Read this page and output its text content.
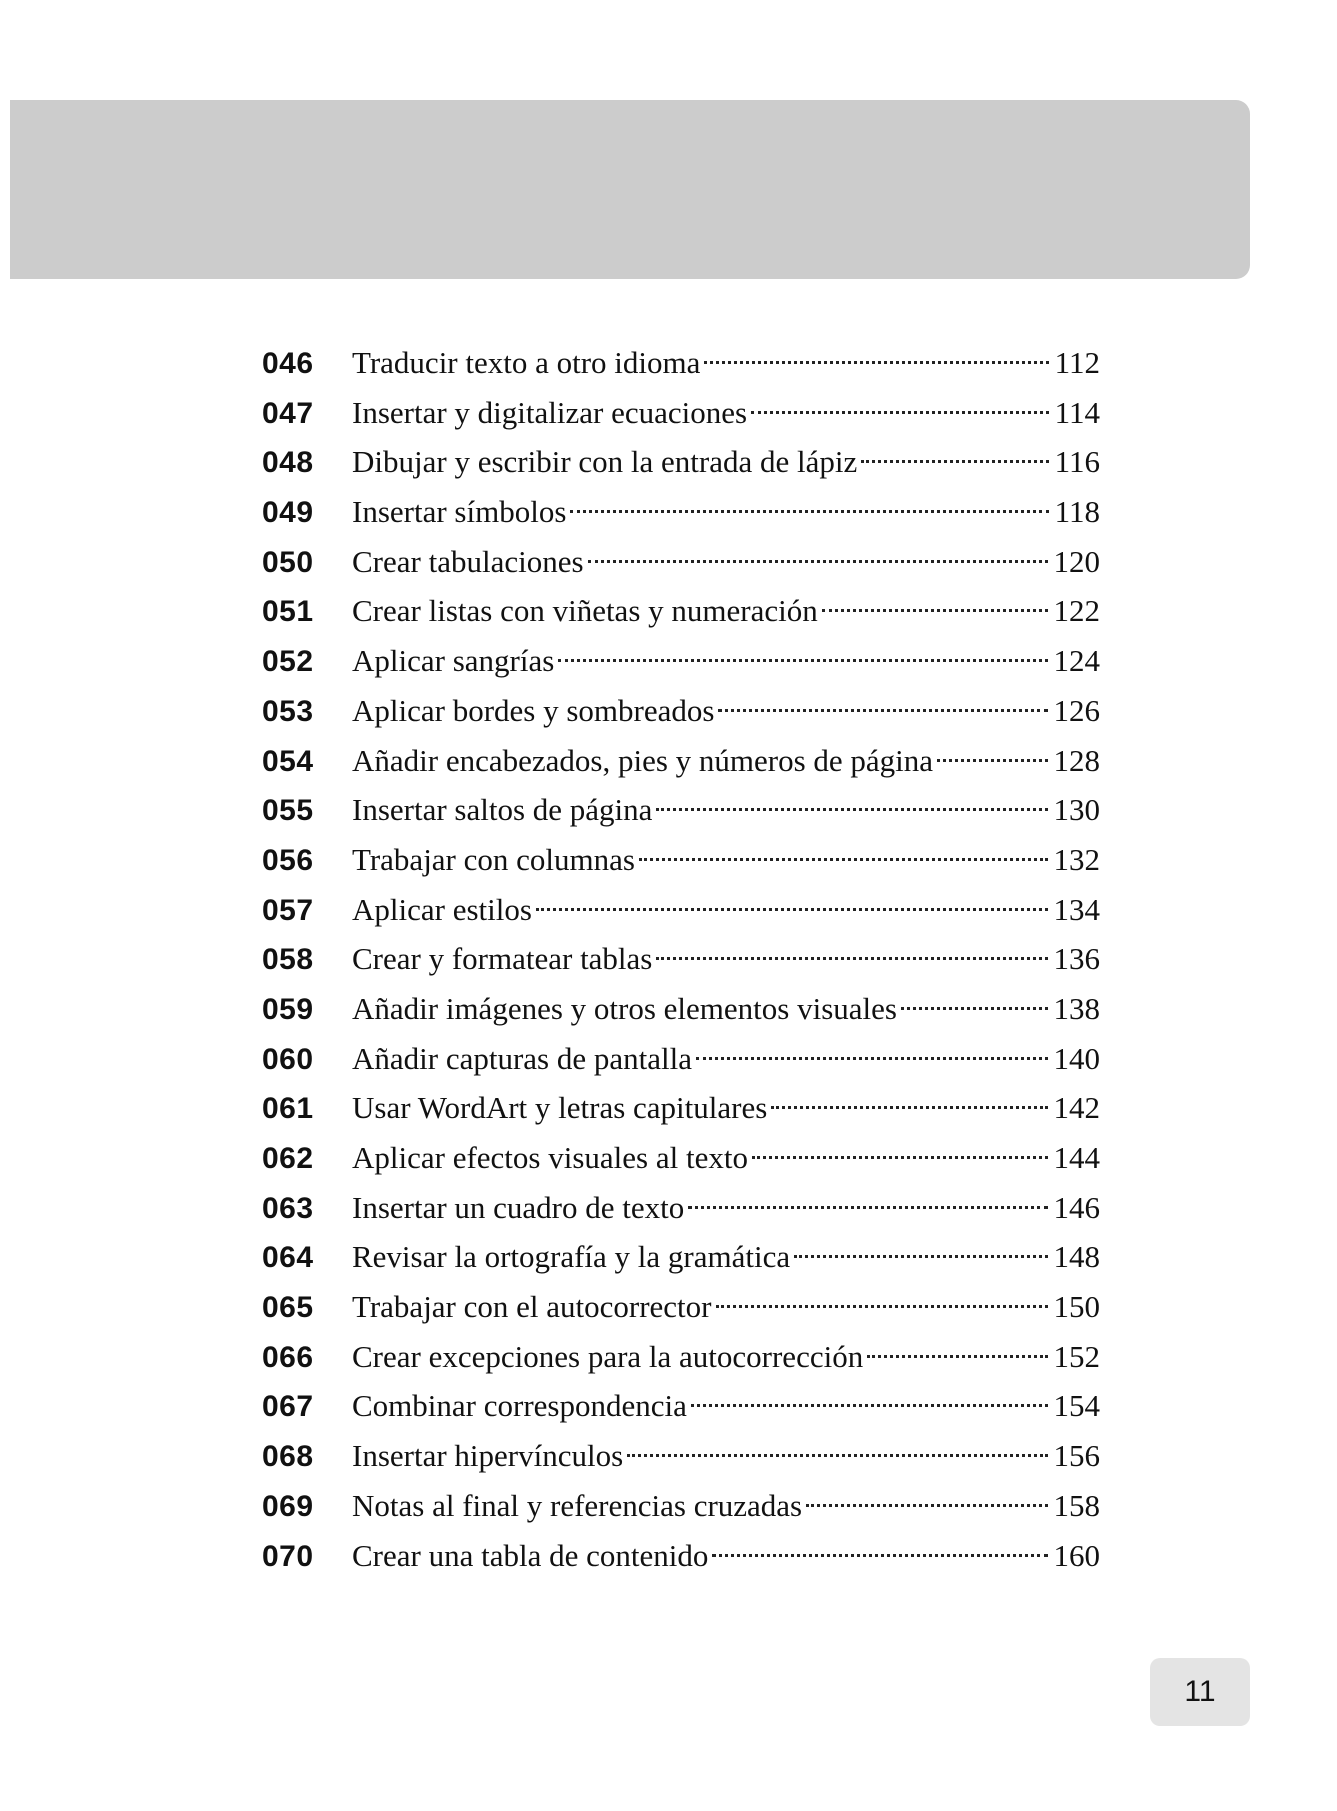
046	Traducir texto a otro idioma	112
047	Insertar y digitalizar ecuaciones	114
048	Dibujar y escribir con la entrada de lápiz	116
049	Insertar símbolos	118
050	Crear tabulaciones	120
051	Crear listas con viñetas y numeración	122
052	Aplicar sangrías	124
053	Aplicar bordes y sombreados	126
054	Añadir encabezados, pies y números de página	128
055	Insertar saltos de página	130
056	Trabajar con columnas	132
057	Aplicar estilos	134
058	Crear y formatear tablas	136
059	Añadir imágenes y otros elementos visuales	138
060	Añadir capturas de pantalla	140
061	Usar WordArt y letras capitulares	142
062	Aplicar efectos visuales al texto	144
063	Insertar un cuadro de texto	146
064	Revisar la ortografía y la gramática	148
065	Trabajar con el autocorrector	150
066	Crear excepciones para la autocorrección	152
067	Combinar correspondencia	154
068	Insertar hipervínculos	156
069	Notas al final y referencias cruzadas	158
070	Crear una tabla de contenido	160
11
